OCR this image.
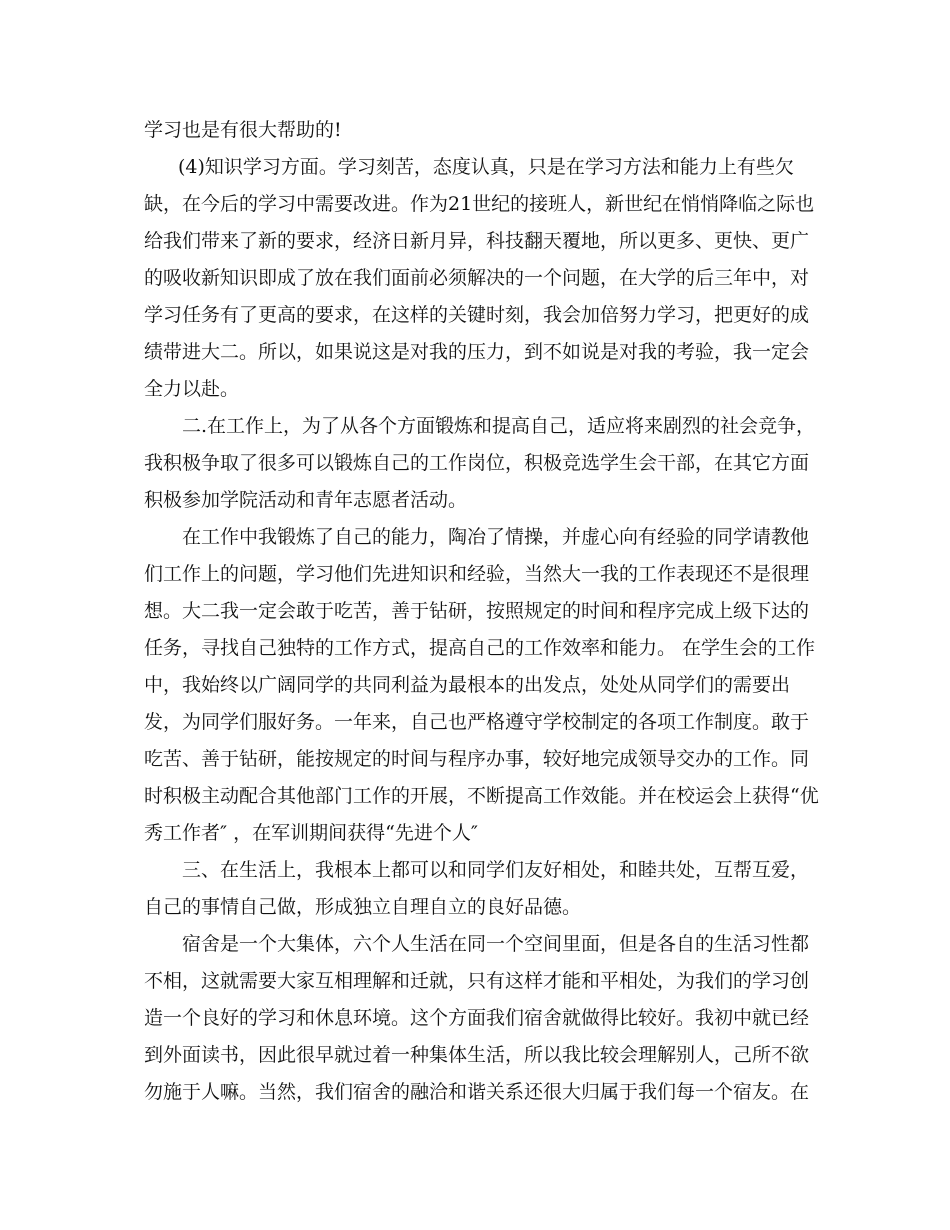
学习也是有很大帮助的!
(4)知识学习方面。学习刻苦，态度认真，只是在学习方法和能力上有些欠
缺，在今后的学习中需要改进。作为21世纪的接班人，新世纪在悄悄降临之际也
给我们带来了新的要求，经济日新月异，科技翻天覆地，所以更多、更快、更广
的吸收新知识即成了放在我们面前必须解决的一个问题，在大学的后三年中，对
学习任务有了更高的要求，在这样的关键时刻，我会加倍努力学习，把更好的成
绩带进大二。所以，如果说这是对我的压力，到不如说是对我的考验，我一定会
全力以赴。
二.在工作上，为了从各个方面锻炼和提高自己，适应将来剧烈的社会竞争，
我积极争取了很多可以锻炼自己的工作岗位，积极竞选学生会干部，在其它方面
积极参加学院活动和青年志愿者活动。
在工作中我锻炼了自己的能力，陶冶了情操，并虚心向有经验的同学请教他
们工作上的问题，学习他们先进知识和经验，当然大一我的工作表现还不是很理
想。大二我一定会敢于吃苦，善于钻研，按照规定的时间和程序完成上级下达的
任务，寻找自己独特的工作方式，提高自己的工作效率和能力。 在学生会的工作
中，我始终以广阔同学的共同利益为最根本的出发点，处处从同学们的需要出
发，为同学们服好务。一年来，自己也严格遵守学校制定的各项工作制度。敢于
吃苦、善于钻研，能按规定的时间与程序办事，较好地完成领导交办的工作。同
时积极主动配合其他部门工作的开展，不断提高工作效能。并在校运会上获得“优
秀工作者″ ，在军训期间获得“先进个人″
三、在生活上，我根本上都可以和同学们友好相处，和睦共处，互帮互爱，
自己的事情自己做，形成独立自理自立的良好品德。
宿舍是一个大集体，六个人生活在同一个空间里面，但是各自的生活习性都
不相，这就需要大家互相理解和迁就，只有这样才能和平相处，为我们的学习创
造一个良好的学习和休息环境。这个方面我们宿舍就做得比较好。我初中就已经
到外面读书，因此很早就过着一种集体生活，所以我比较会理解别人，己所不欲
勿施于人嘛。当然，我们宿舍的融洽和谐关系还很大归属于我们每一个宿友。在
